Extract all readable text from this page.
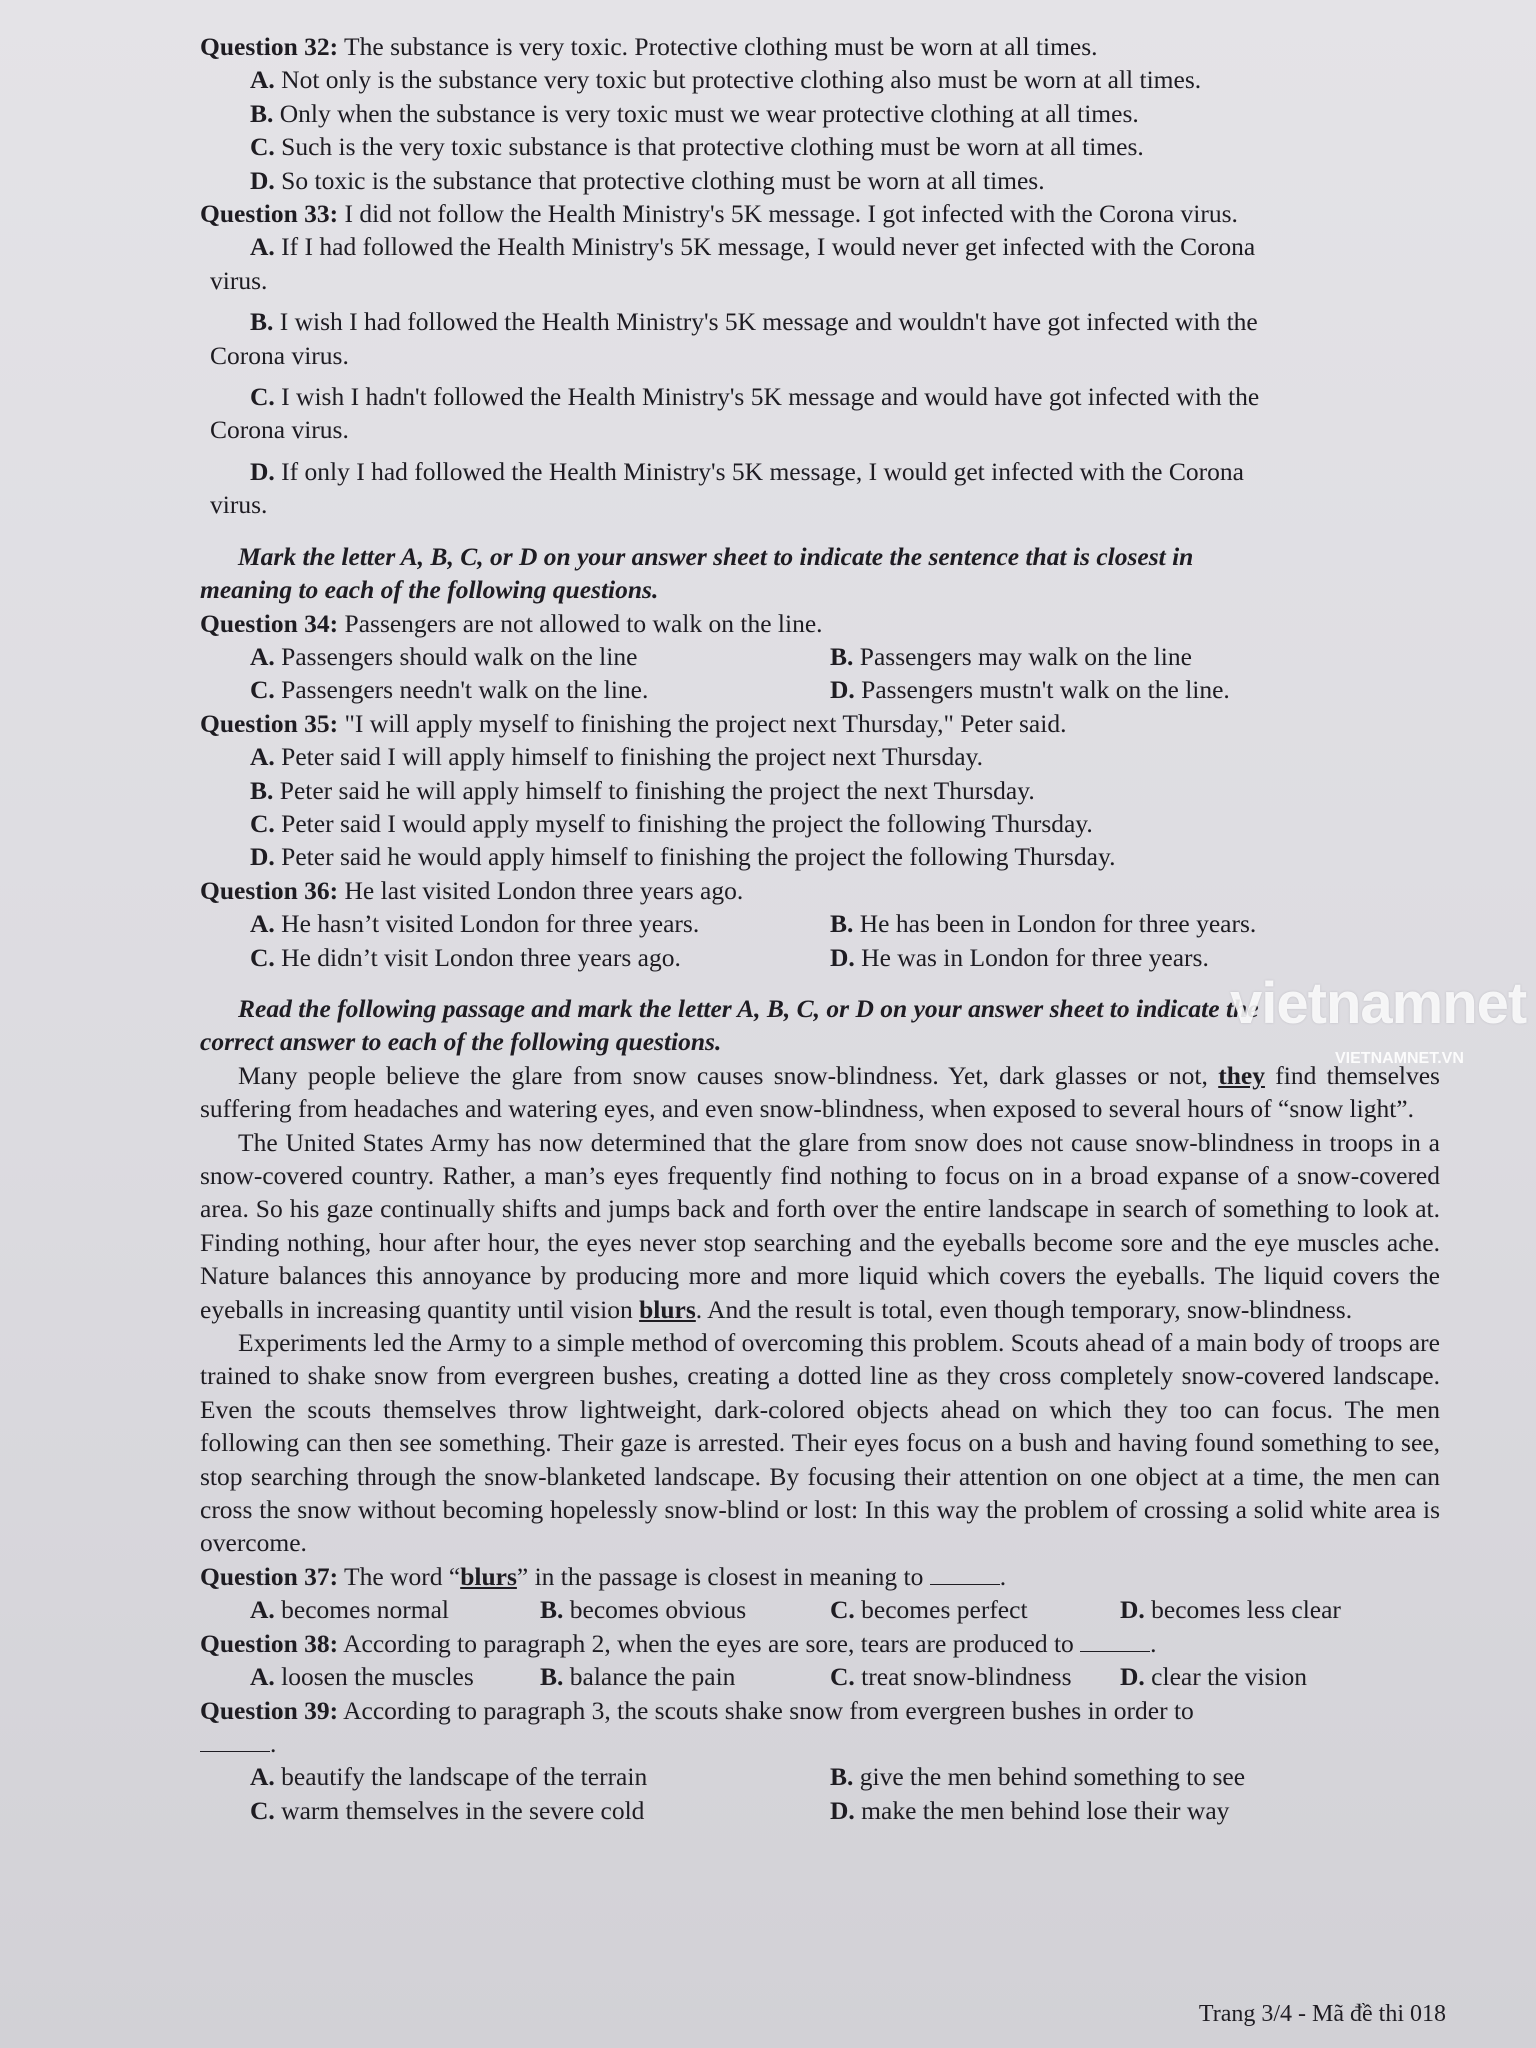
Question 32: The substance is very toxic. Protective clothing must be worn at all times.

A. Not only is the substance very toxic but protective clothing also must be worn at all times.

B. Only when the substance is very toxic must we wear protective clothing at all times.

C. Such is the very toxic substance is that protective clothing must be worn at all times.

D. So toxic is the substance that protective clothing must be worn at all times.

Question 33: I did not follow the Health Ministry's 5K message. I got infected with the Corona virus.

A. If I had followed the Health Ministry's 5K message, I would never get infected with the Corona

virus.

B. I wish I had followed the Health Ministry's 5K message and wouldn't have got infected with the

Corona virus.

C. I wish I hadn't followed the Health Ministry's 5K message and would have got infected with the

Corona virus.

D. If only I had followed the Health Ministry's 5K message, I would get infected with the Corona

virus.

Mark the letter A, B, C, or D on your answer sheet to indicate the sentence that is closest in
meaning to each of the following questions.

Question 34: Passengers are not allowed to walk on the line.

A. Passengers should walk on the line	B. Passengers may walk on the line
C. Passengers needn't walk on the line.	D. Passengers mustn't walk on the line.

Question 35: "I will apply myself to finishing the project next Thursday," Peter said.

A. Peter said I will apply himself to finishing the project next Thursday.

B. Peter said he will apply himself to finishing the project the next Thursday.

C. Peter said I would apply myself to finishing the project the following Thursday.

D. Peter said he would apply himself to finishing the project the following Thursday.

Question 36: He last visited London three years ago.

A. He hasn’t visited London for three years.	B. He has been in London for three years.
C. He didn’t visit London three years ago.	D. He was in London for three years.

Read the following passage and mark the letter A, B, C, or D on your answer sheet to indicate the
correct answer to each of the following questions.

Many people believe the glare from snow causes snow-blindness. Yet, dark glasses or not, they find themselves suffering from headaches and watering eyes, and even snow-blindness, when exposed to several hours of “snow light”.

The United States Army has now determined that the glare from snow does not cause snow-blindness in troops in a snow-covered country. Rather, a man’s eyes frequently find nothing to focus on in a broad expanse of a snow-covered area. So his gaze continually shifts and jumps back and forth over the entire landscape in search of something to look at. Finding nothing, hour after hour, the eyes never stop searching and the eyeballs become sore and the eye muscles ache. Nature balances this annoyance by producing more and more liquid which covers the eyeballs. The liquid covers the eyeballs in increasing quantity until vision blurs. And the result is total, even though temporary, snow-blindness.

Experiments led the Army to a simple method of overcoming this problem. Scouts ahead of a main body of troops are trained to shake snow from evergreen bushes, creating a dotted line as they cross completely snow-covered landscape. Even the scouts themselves throw lightweight, dark-colored objects ahead on which they too can focus. The men following can then see something. Their gaze is arrested. Their eyes focus on a bush and having found something to see, stop searching through the snow-blanketed landscape. By focusing their attention on one object at a time, the men can cross the snow without becoming hopelessly snow-blind or lost: In this way the problem of crossing a solid white area is overcome.

Question 37: The word “blurs” in the passage is closest in meaning to	.

A. becomes normal	B. becomes obvious	C. becomes perfect	D. becomes less clear

Question 38: According to paragraph 2, when the eyes are sore, tears are produced to	.

A. loosen the muscles	B. balance the pain	C. treat snow-blindness	D. clear the vision

Question 39: According to paragraph 3, the scouts shake snow from evergreen bushes in order to

.

A. beautify the landscape of the terrain	B. give the men behind something to see
C. warm themselves in the severe cold	D. make the men behind lose their way
vietnamnet
VIETNAMNET.VN
Trang 3/4 - Mã đề thi 018
